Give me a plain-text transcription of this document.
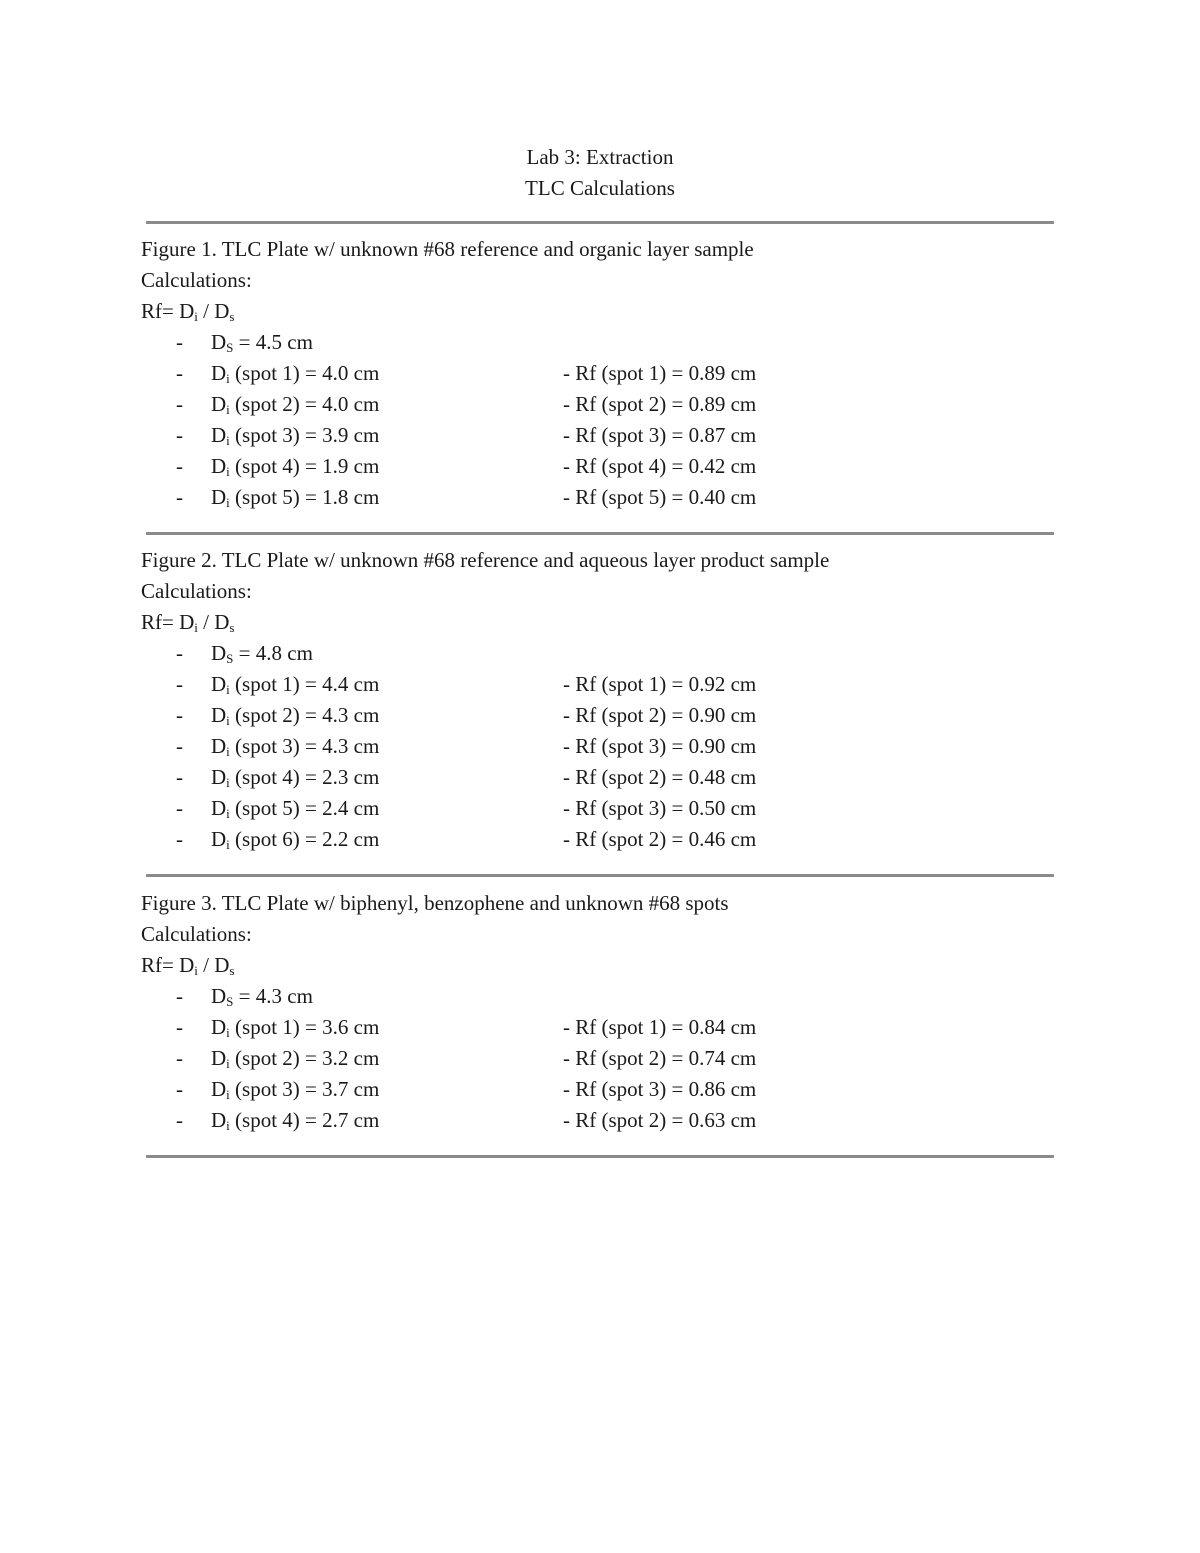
Lab 3: Extraction
TLC Calculations
Figure 1. TLC Plate w/ unknown #68 reference and organic layer sample
Calculations:
$Rf= D_i / D_s$
- $D_S = 4.5$ cm
- $D_i$ (spot 1) = 4.0 cm	- Rf (spot 1) = 0.89 cm
- $D_i$ (spot 2) = 4.0 cm	- Rf (spot 2) = 0.89 cm
- $D_i$ (spot 3) = 3.9 cm	- Rf (spot 3) = 0.87 cm
- $D_i$ (spot 4) = 1.9 cm	- Rf (spot 4) = 0.42 cm
- $D_i$ (spot 5) = 1.8 cm	- Rf (spot 5) = 0.40 cm
Figure 2. TLC Plate w/ unknown #68 reference and aqueous layer product sample
Calculations:
$Rf= D_i / D_s$
- $D_S = 4.8$ cm
- $D_i$ (spot 1) = 4.4 cm	- Rf (spot 1) = 0.92 cm
- $D_i$ (spot 2) = 4.3 cm	- Rf (spot 2) = 0.90 cm
- $D_i$ (spot 3) = 4.3 cm	- Rf (spot 3) = 0.90 cm
- $D_i$ (spot 4) = 2.3 cm	- Rf (spot 2) = 0.48 cm
- $D_i$ (spot 5) = 2.4 cm	- Rf (spot 3) = 0.50 cm
- $D_i$ (spot 6) = 2.2 cm	- Rf (spot 2) = 0.46 cm
Figure 3. TLC Plate w/ biphenyl, benzophene and unknown #68 spots
Calculations:
$Rf= D_i / D_s$
- $D_S = 4.3$ cm
- $D_i$ (spot 1) = 3.6 cm	- Rf (spot 1) = 0.84 cm
- $D_i$ (spot 2) = 3.2 cm	- Rf (spot 2) = 0.74 cm
- $D_i$ (spot 3) = 3.7 cm	- Rf (spot 3) = 0.86 cm
- $D_i$ (spot 4) = 2.7 cm	- Rf (spot 2) = 0.63 cm
